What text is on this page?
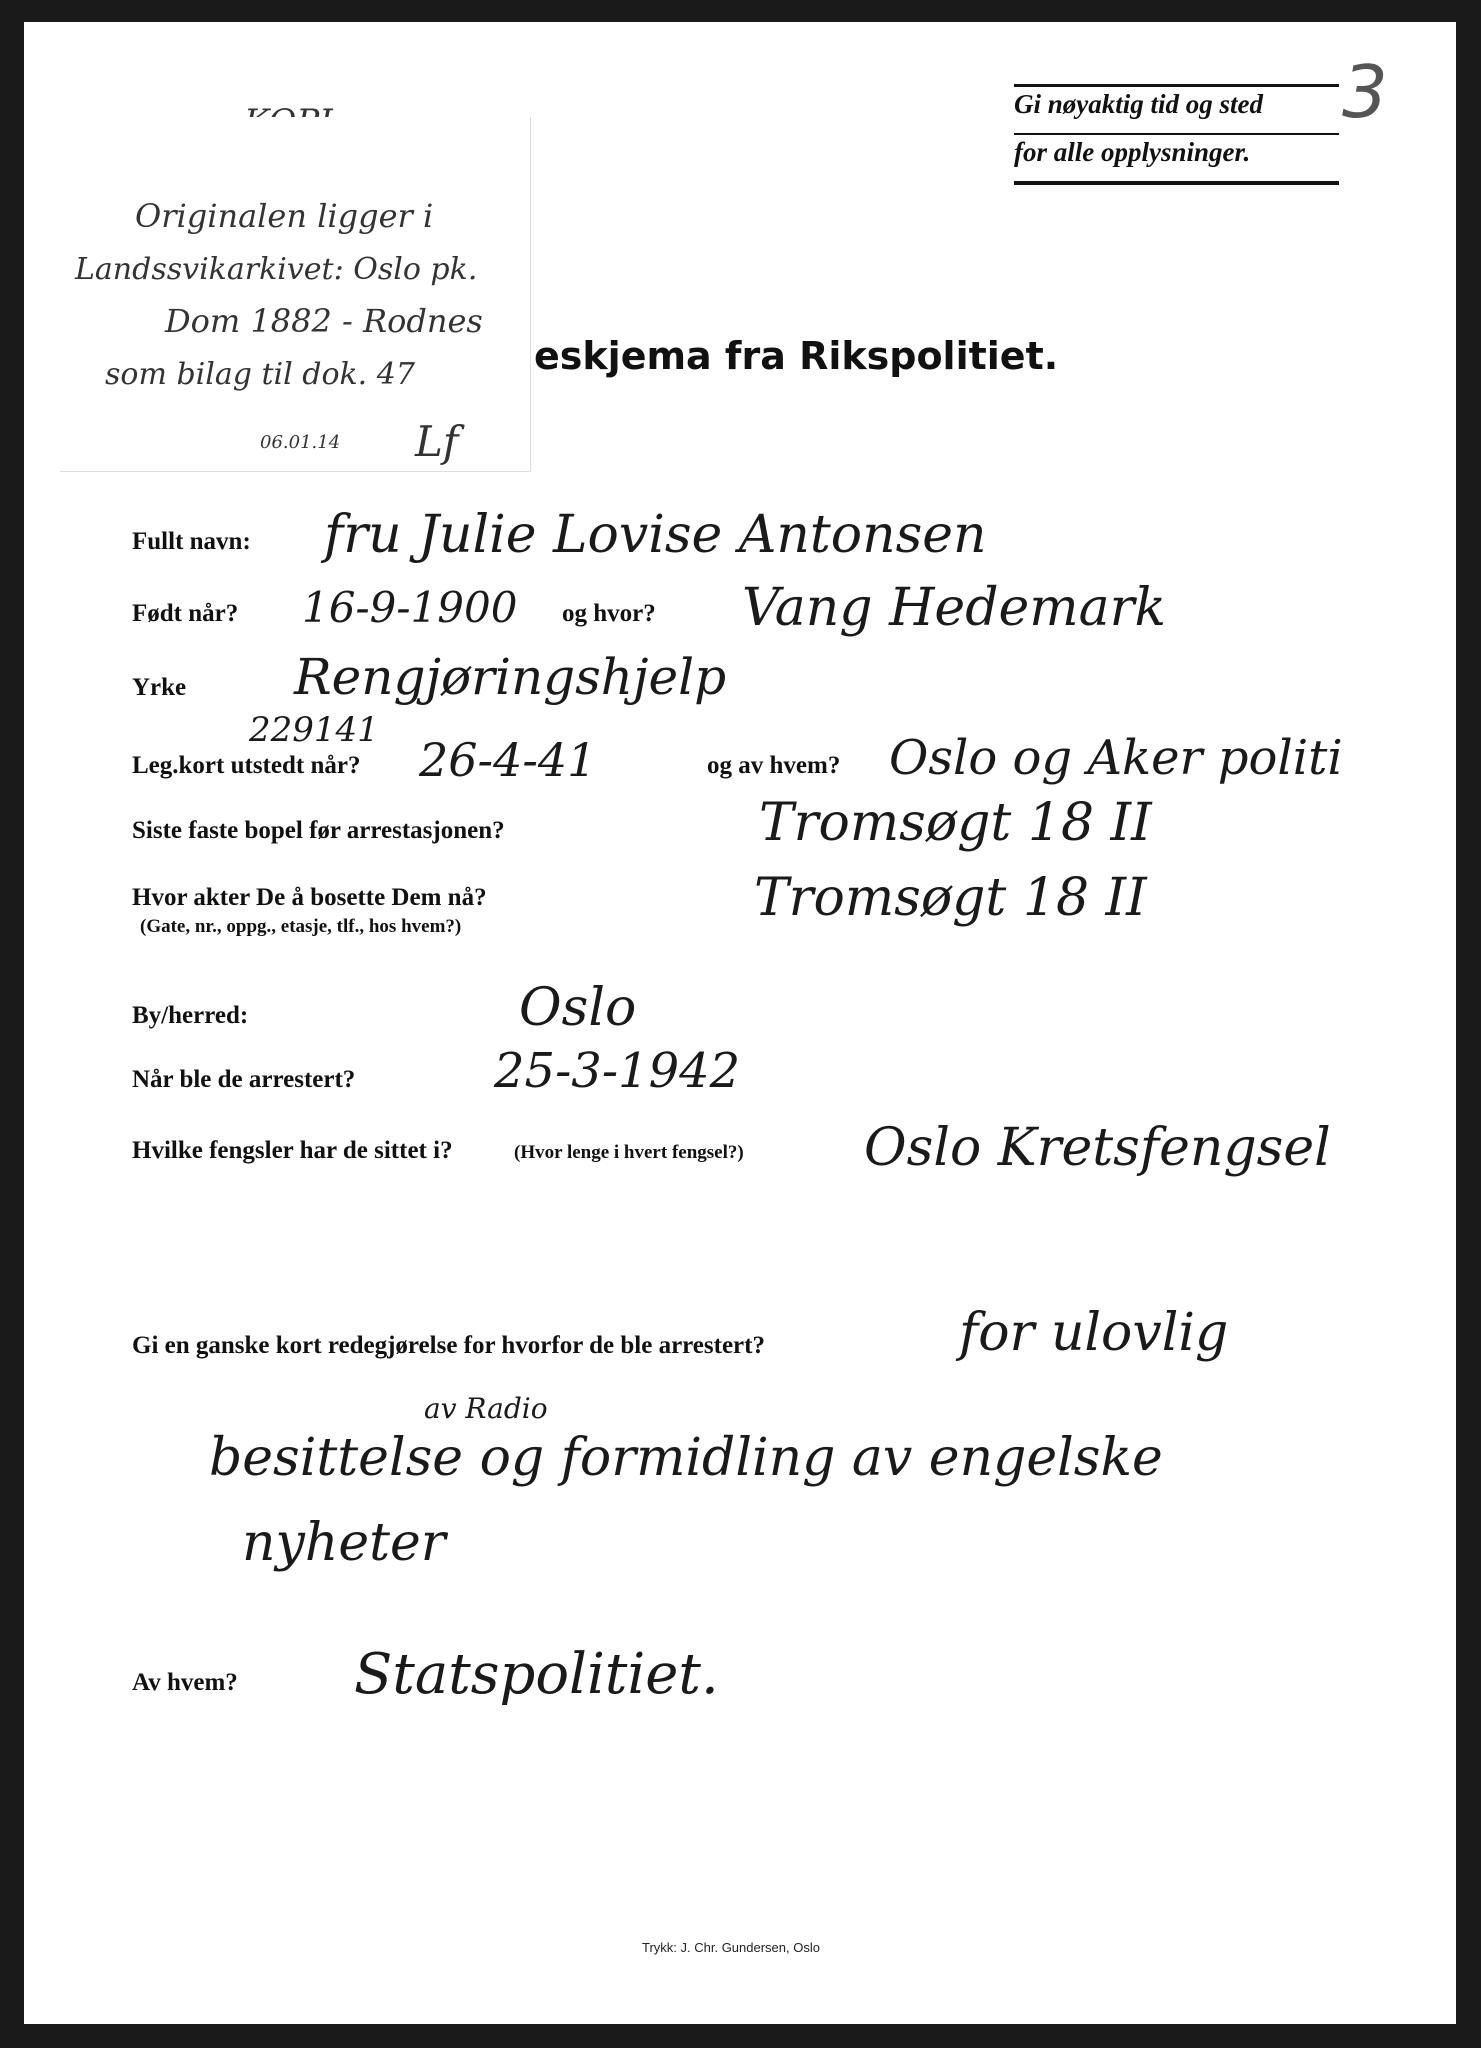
Originalen ligger i
Landssvikarkivet: Oslo pk.
Dom 1882 - Rodnes
som bilag til dok. 47
06.01.14 Lf
Gi nøyaktig tid og sted
for alle opplysninger.
3
eskjema fra Rikspolitiet.
Fullt navn: fru Julie Lovise Antonsen
Født når? 16-9-1900 og hvor? Vang Hedemark
Yrke Rengjøringshjelp
229141
Leg.kort utstedt når? 26-4-41	og av hvem? Oslo og Aker politi
Siste faste bopel før arrestasjonen?	Tromsøgt 18 II
Hvor akter De å bosette Dem nå?
(Gate, nr., oppg., etasje, tlf., hos hvem?)	Tromsøgt 18 II
By/herred:	Oslo
Når ble de arrestert?	25-3-1942
Hvilke fengsler har de sittet i?	(Hvor lenge i hvert fengsel?) Oslo Kretsfengsel
Gi en ganske kort redegjørelse for hvorfor de ble arrestert?	for ulovlig
av Radio
besittelse og formidling av engelske
nyheter
Av hvem? Statspolitiet.
Trykk: J. Chr. Gundersen, Oslo
